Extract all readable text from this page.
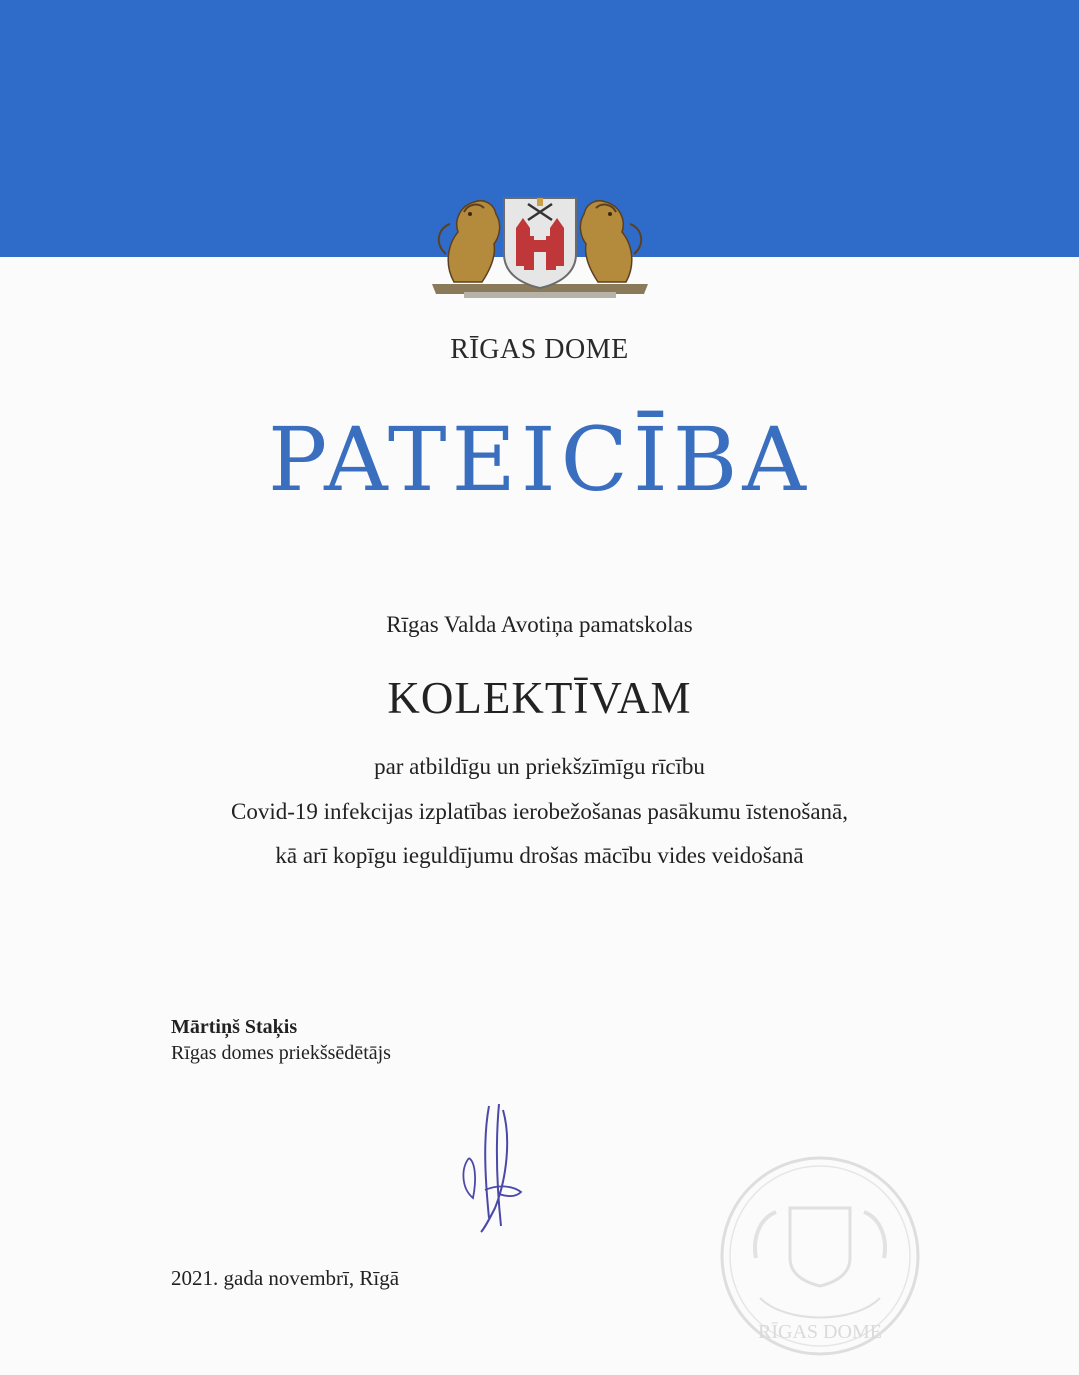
RĪGAS DOME
PATEICĪBA
Rīgas Valda Avotiņa pamatskolas
KOLEKTĪVAM
par atbildīgu un priekšzīmīgu rīcību
Covid-19 infekcijas izplatības ierobežošanas pasākumu īstenošanā,
kā arī kopīgu ieguldījumu drošas mācību vides veidošanā
Mārtiņš Staķis
Rīgas domes priekšsēdētājs
RĪGAS DOME
2021. gada novembrī, Rīgā
